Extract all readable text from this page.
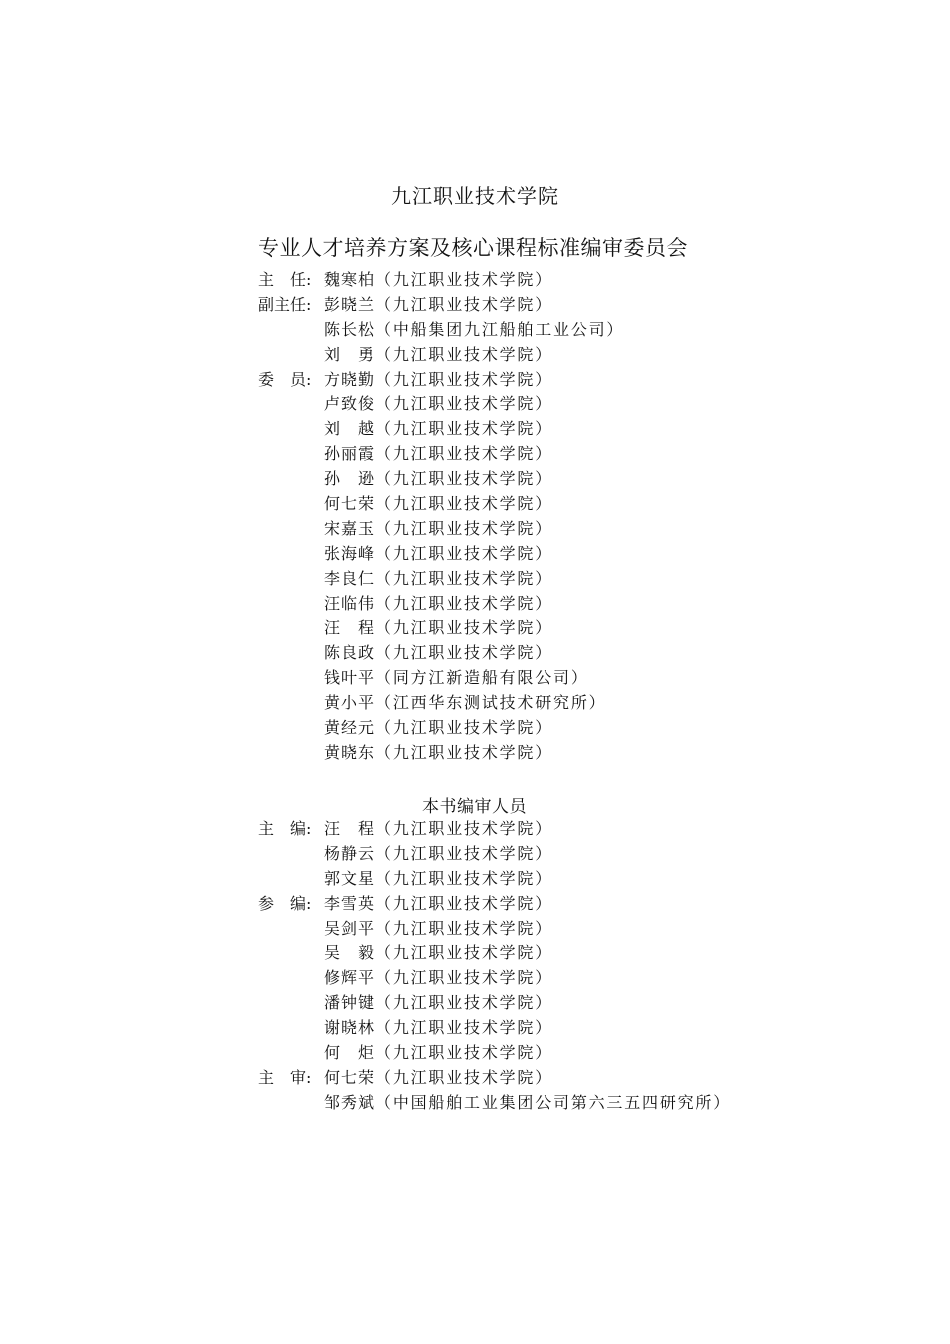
九江职业技术学院
专业人才培养方案及核心课程标准编审委员会
主　任: 魏寒柏 （九江职业技术学院）
副主任: 彭晓兰 （九江职业技术学院）
陈长松 （中船集团九江船舶工业公司）
刘　勇 （九江职业技术学院）
委　员: 方晓勤 （九江职业技术学院）
卢致俊 （九江职业技术学院）
刘　越 （九江职业技术学院）
孙丽霞 （九江职业技术学院）
孙　逊 （九江职业技术学院）
何七荣 （九江职业技术学院）
宋嘉玉 （九江职业技术学院）
张海峰 （九江职业技术学院）
李良仁 （九江职业技术学院）
汪临伟 （九江职业技术学院）
汪　程 （九江职业技术学院）
陈良政 （九江职业技术学院）
钱叶平 （同方江新造船有限公司）
黄小平 （江西华东测试技术研究所）
黄经元 （九江职业技术学院）
黄晓东 （九江职业技术学院）
本书编审人员
主　编: 汪　程 （九江职业技术学院）
杨静云 （九江职业技术学院）
郭文星 （九江职业技术学院）
参　编: 李雪英 （九江职业技术学院）
吴剑平 （九江职业技术学院）
吴　毅 （九江职业技术学院）
修辉平 （九江职业技术学院）
潘钟键 （九江职业技术学院）
谢晓林 （九江职业技术学院）
何　炬 （九江职业技术学院）
主　审: 何七荣 （九江职业技术学院）
邹秀斌 （中国船舶工业集团公司第六三五四研究所）
